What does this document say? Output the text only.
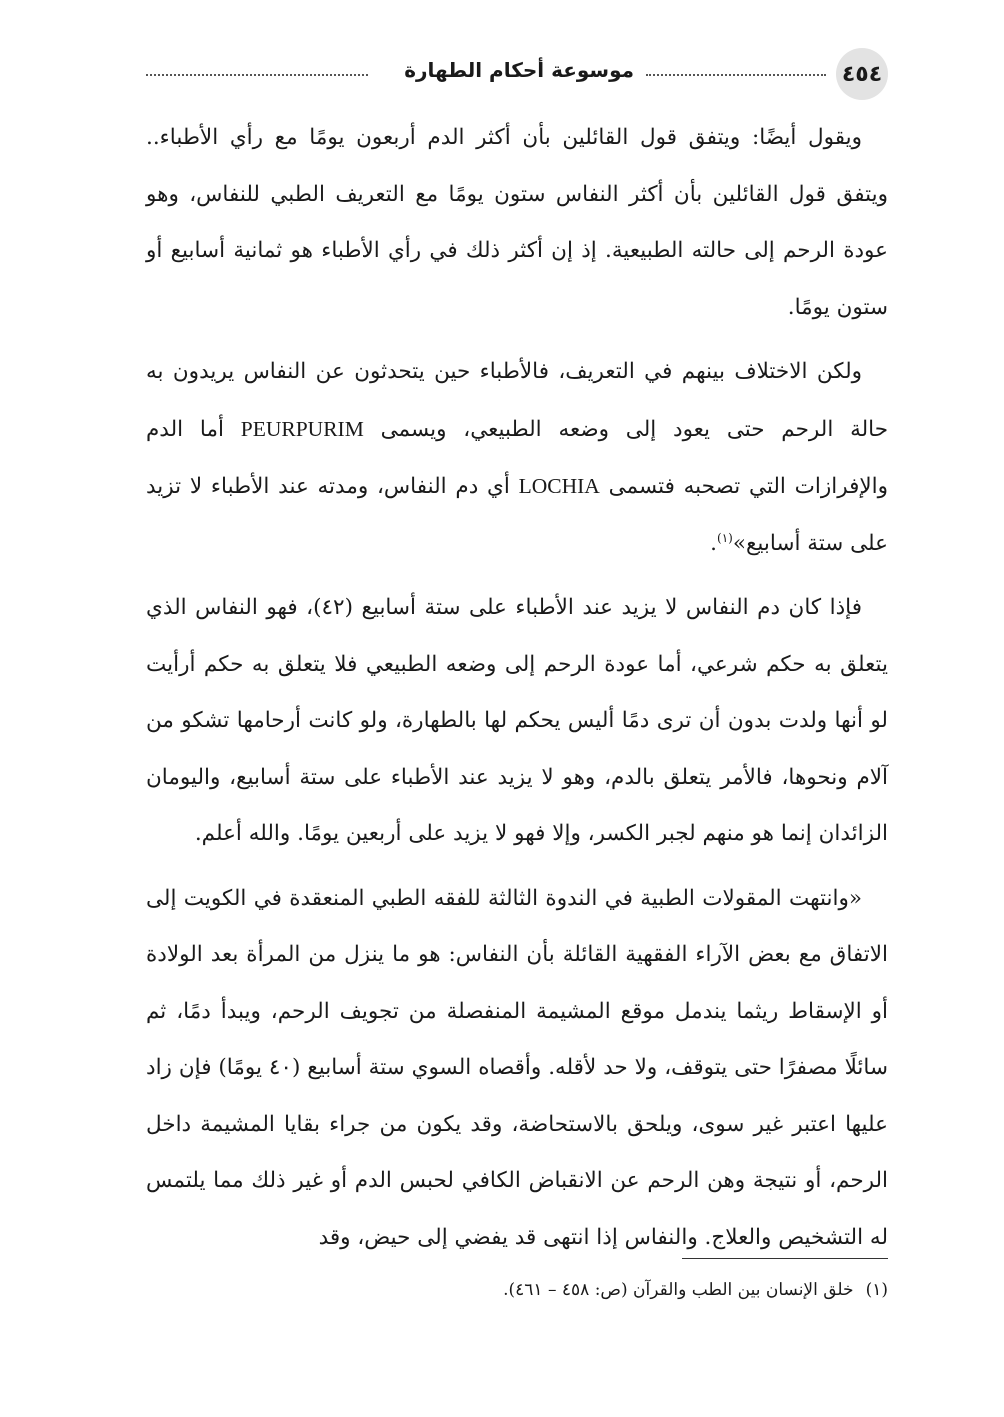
٤٥٤
موسوعة أحكام الطهارة

ويقول أيضًا: ويتفق قول القائلين بأن أكثر الدم أربعون يومًا مع رأي الأطباء.. ويتفق قول القائلين بأن أكثر النفاس ستون يومًا مع التعريف الطبي للنفاس، وهو عودة الرحم إلى حالته الطبيعية. إذ إن أكثر ذلك في رأي الأطباء هو ثمانية أسابيع أو ستون يومًا.

ولكن الاختلاف بينهم في التعريف، فالأطباء حين يتحدثون عن النفاس يريدون به حالة الرحم حتى يعود إلى وضعه الطبيعي، ويسمى PEURPURIM أما الدم والإفرازات التي تصحبه فتسمى LOCHIA أي دم النفاس، ومدته عند الأطباء لا تزيد على ستة أسابيع»$^{(١)}$.

فإذا كان دم النفاس لا يزيد عند الأطباء على ستة أسابيع (٤٢)، فهو النفاس الذي يتعلق به حكم شرعي، أما عودة الرحم إلى وضعه الطبيعي فلا يتعلق به حكم أرأيت لو أنها ولدت بدون أن ترى دمًا أليس يحكم لها بالطهارة، ولو كانت أرحامها تشكو من آلام ونحوها، فالأمر يتعلق بالدم، وهو لا يزيد عند الأطباء على ستة أسابيع، واليومان الزائدان إنما هو منهم لجبر الكسر، وإلا فهو لا يزيد على أربعين يومًا. والله أعلم.

«وانتهت المقولات الطبية في الندوة الثالثة للفقه الطبي المنعقدة في الكويت إلى الاتفاق مع بعض الآراء الفقهية القائلة بأن النفاس: هو ما ينزل من المرأة بعد الولادة أو الإسقاط ريثما يندمل موقع المشيمة المنفصلة من تجويف الرحم، ويبدأ دمًا، ثم سائلًا مصفرًا حتى يتوقف، ولا حد لأقله. وأقصاه السوي ستة أسابيع (٤٠ يومًا) فإن زاد عليها اعتبر غير سوى، ويلحق بالاستحاضة، وقد يكون من جراء بقايا المشيمة داخل الرحم، أو نتيجة وهن الرحم عن الانقباض الكافي لحبس الدم أو غير ذلك مما يلتمس له التشخيص والعلاج. والنفاس إذا انتهى قد يفضي إلى حيض، وقد

(١)خلق الإنسان بين الطب والقرآن (ص: ٤٥٨ – ٤٦١).
